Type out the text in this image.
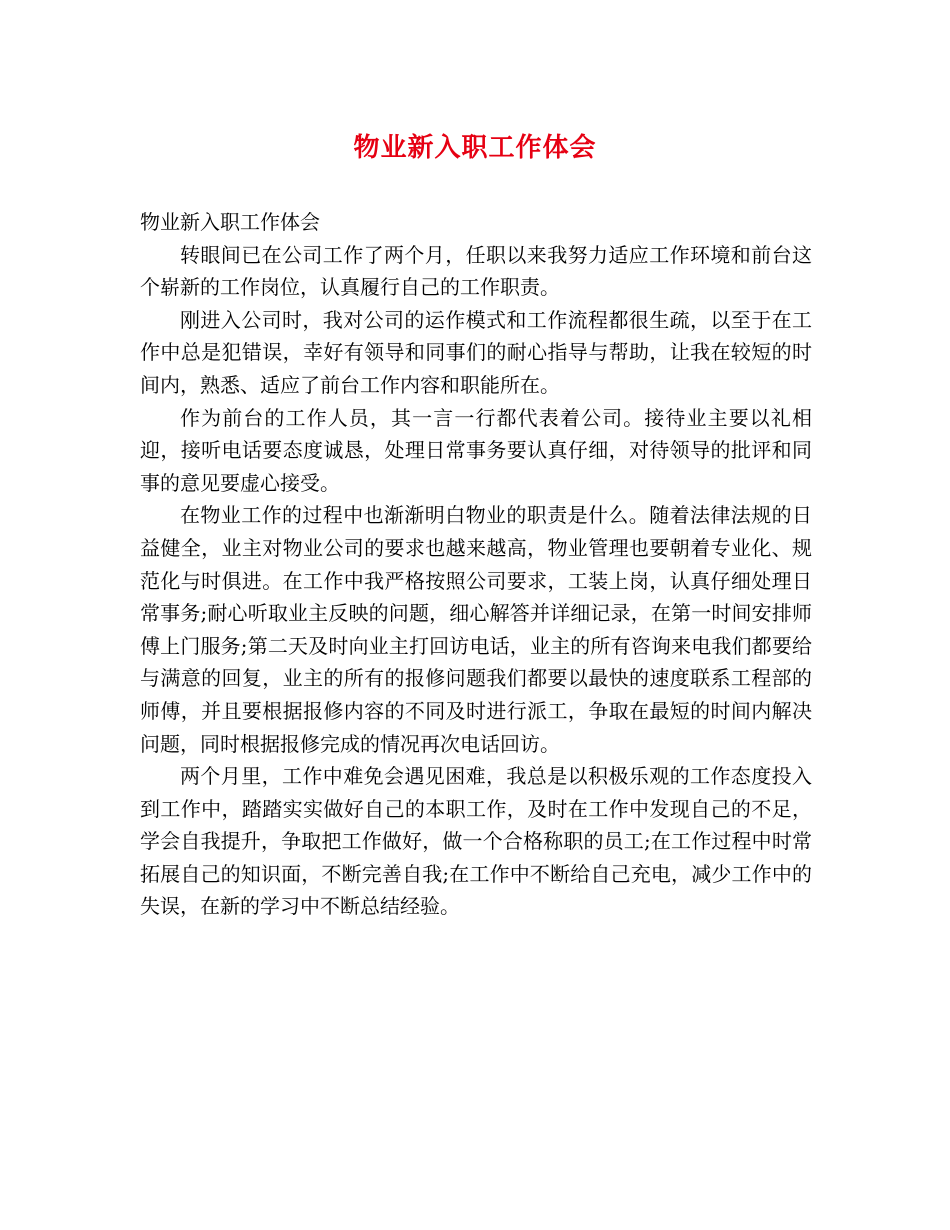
物业新入职工作体会

物业新入职工作体会

转眼间已在公司工作了两个月，任职以来我努力适应工作环境和前台这个崭新的工作岗位，认真履行自己的工作职责。

刚进入公司时，我对公司的运作模式和工作流程都很生疏，以至于在工作中总是犯错误，幸好有领导和同事们的耐心指导与帮助，让我在较短的时间内，熟悉、适应了前台工作内容和职能所在。

作为前台的工作人员，其一言一行都代表着公司。接待业主要以礼相迎，接听电话要态度诚恳，处理日常事务要认真仔细，对待领导的批评和同事的意见要虚心接受。

在物业工作的过程中也渐渐明白物业的职责是什么。随着法律法规的日益健全，业主对物业公司的要求也越来越高，物业管理也要朝着专业化、规范化与时俱进。在工作中我严格按照公司要求，工装上岗，认真仔细处理日常事务;耐心听取业主反映的问题，细心解答并详细记录，在第一时间安排师傅上门服务;第二天及时向业主打回访电话，业主的所有咨询来电我们都要给与满意的回复，业主的所有的报修问题我们都要以最快的速度联系工程部的师傅，并且要根据报修内容的不同及时进行派工，争取在最短的时间内解决问题，同时根据报修完成的情况再次电话回访。

两个月里，工作中难免会遇见困难，我总是以积极乐观的工作态度投入到工作中，踏踏实实做好自己的本职工作，及时在工作中发现自己的不足，学会自我提升，争取把工作做好，做一个合格称职的员工;在工作过程中时常拓展自己的知识面，不断完善自我;在工作中不断给自己充电，减少工作中的失误，在新的学习中不断总结经验。
